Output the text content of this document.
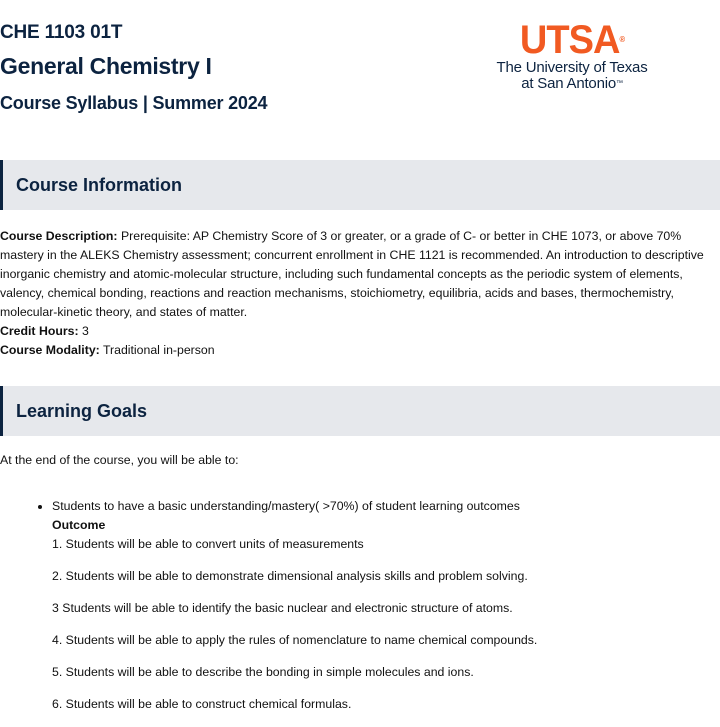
CHE 1103 01T
General Chemistry I
Course Syllabus | Summer 2024
UTSA®
The University of Texas
at San Antonio™
Course Information
Course Description: Prerequisite: AP Chemistry Score of 3 or greater, or a grade of C- or better in CHE 1073, or above 70% mastery in the ALEKS Chemistry assessment; concurrent enrollment in CHE 1121 is recommended. An introduction to descriptive inorganic chemistry and atomic-molecular structure, including such fundamental concepts as the periodic system of elements, valency, chemical bonding, reactions and reaction mechanisms, stoichiometry, equilibria, acids and bases, thermochemistry, molecular-kinetic theory, and states of matter.
Credit Hours: 3
Course Modality: Traditional in-person
Learning Goals
At the end of the course, you will be able to:
• Students to have a basic understanding/mastery( >70%) of student learning outcomes
Outcome
1. Students will be able to convert units of measurements
2. Students will be able to demonstrate dimensional analysis skills and problem solving.
3 Students will be able to identify the basic nuclear and electronic structure of atoms.
4. Students will be able to apply the rules of nomenclature to name chemical compounds.
5. Students will be able to describe the bonding in simple molecules and ions.
6. Students will be able to construct chemical formulas.
